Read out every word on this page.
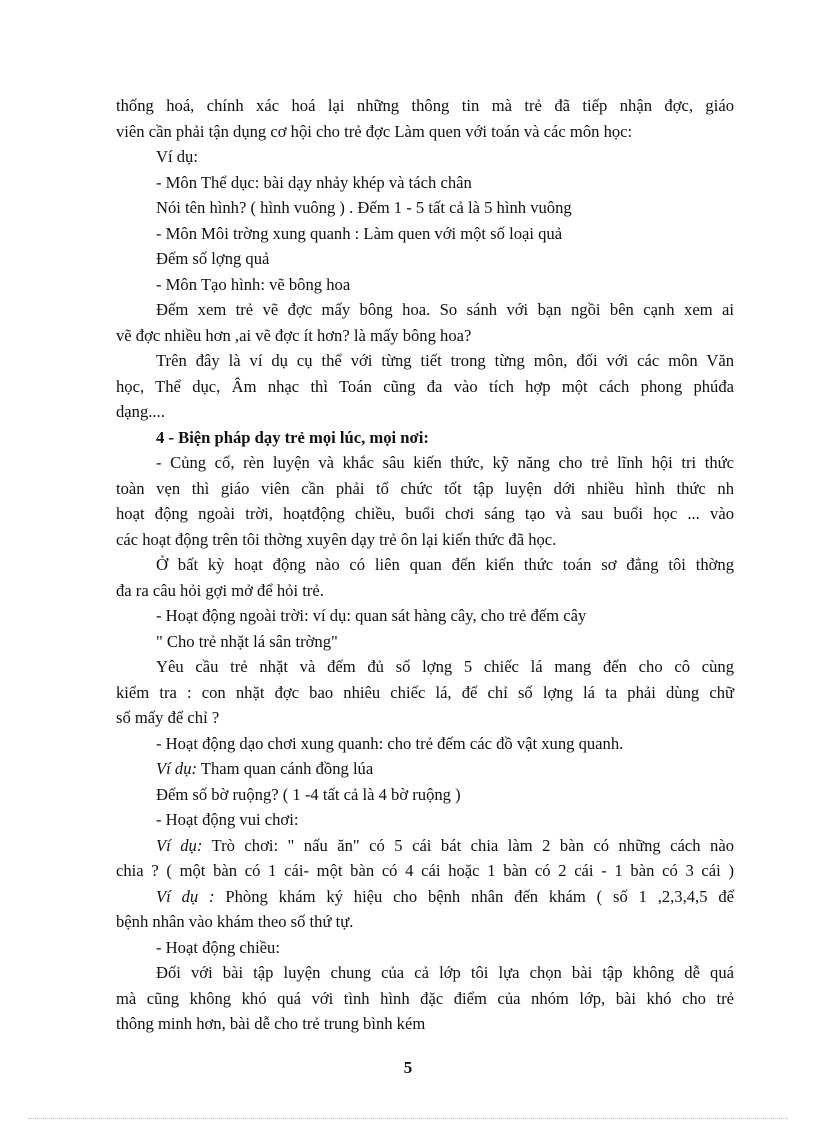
thống hoá, chính xác hoá lại những thông tin mà trẻ đã tiếp nhận đợc, giáo
viên cần phải tận dụng cơ hội cho trẻ đợc Làm quen với toán và các môn học:
Ví dụ:
- Môn Thể dục: bài dạy nhảy khép và tách chân
Nói tên hình? ( hình vuông ) . Đếm 1 - 5 tất cả là 5 hình vuông
- Môn Môi trờng xung quanh : Làm quen với một số loại quả
Đếm số lợng quả
- Môn Tạo hình: vẽ bông hoa
Đếm xem trẻ vẽ đợc mấy bông hoa. So sánh với bạn ngồi bên cạnh xem ai
vẽ đợc nhiều hơn ,ai vẽ đợc ít hơn? là mấy bông hoa?
Trên đây là ví dụ cụ thể với từng tiết trong từng môn, đối với các môn Văn
học, Thể dục, Âm nhạc thì Toán cũng đa vào tích hợp một cách phong phúđa
dạng....
4 - Biện pháp dạy trẻ mọi lúc, mọi nơi:
- Củng cố, rèn luyện và khắc sâu kiến thức, kỹ năng cho trẻ lĩnh hội tri thức
toàn vẹn thì giáo viên cần phải tổ chức tốt tập luyện dới nhiều hình thức nh
hoạt động ngoài trời, hoạtđộng chiều, buổi chơi sáng tạo và sau buổi học ... vào
các hoạt động trên tôi thờng xuyên dạy trẻ ôn lại kiến thức đã học.
Ở bất kỳ hoạt động nào có liên quan đến kiến thức toán sơ đẳng tôi thờng
đa ra câu hỏi gợi mở để hỏi trẻ.
- Hoạt động ngoài trời: ví dụ: quan sát hàng cây, cho trẻ đếm cây
" Cho trẻ nhặt lá sân trờng"
Yêu cầu trẻ nhặt và đếm đủ số lợng 5 chiếc lá mang đến cho cô cùng
kiểm tra : con nhặt đợc bao nhiêu chiếc lá, để chỉ số lợng lá ta phải dùng chữ
số mấy để chỉ ?
- Hoạt động dạo chơi xung quanh: cho trẻ đếm các đồ vật xung quanh.
Ví dụ: Tham quan cánh đồng lúa
Đếm số bờ ruộng? ( 1 -4 tất cả là 4 bờ ruộng )
- Hoạt động vui chơi:
Ví dụ: Trò chơi: " nấu ăn" có 5 cái bát chia làm 2 bàn có những cách nào
chia ? ( một bàn có 1 cái- một bàn có 4 cái hoặc 1 bàn có 2 cái - 1 bàn có 3 cái )
Ví dụ : Phòng khám ký hiệu cho bệnh nhân đến khám ( số 1 ,2,3,4,5 để
bệnh nhân vào khám theo số thứ tự.
- Hoạt động chiều:
Đối với bài tập luyện chung của cả lớp tôi lựa chọn bài tập không dễ quá
mà cũng không khó quá với tình hình đặc điểm của nhóm lớp, bài khó cho trẻ
thông minh hơn, bài dễ cho trẻ trung bình kém
5
